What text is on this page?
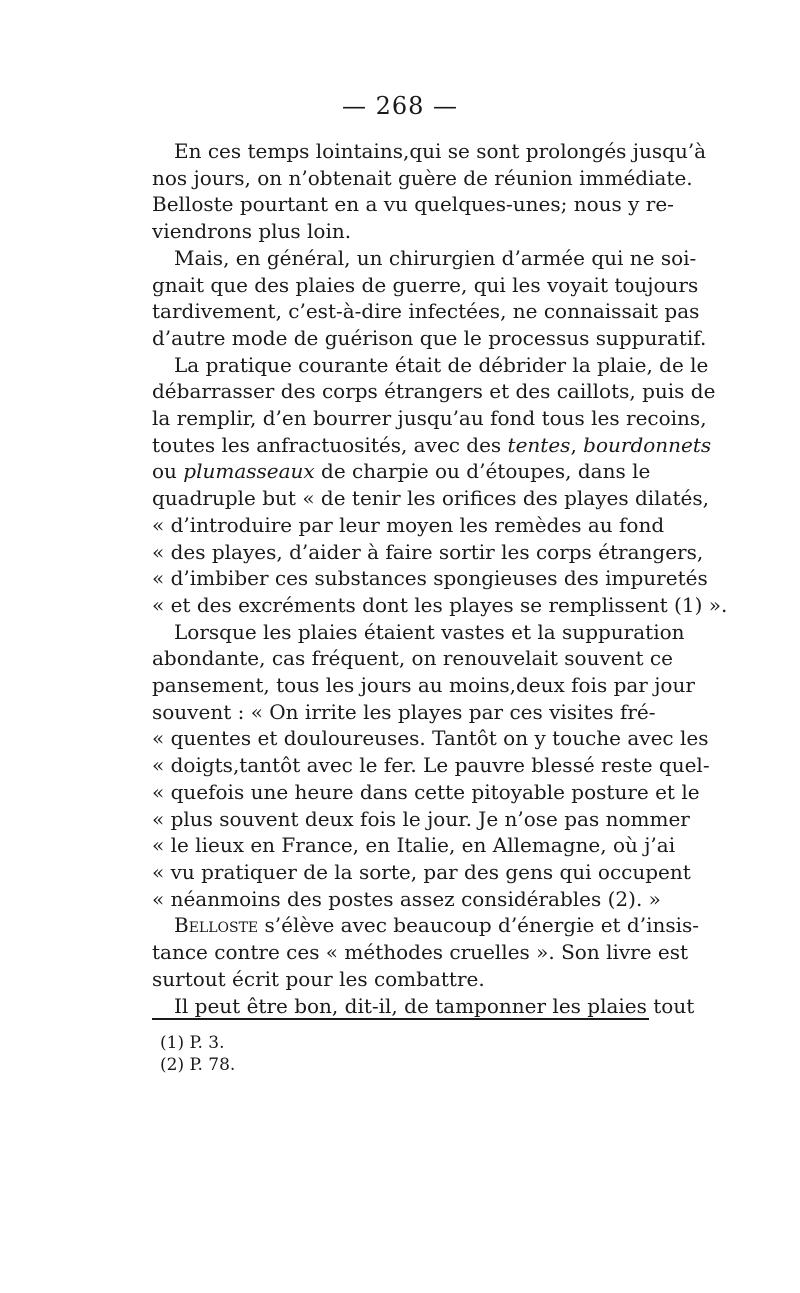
— 268 —
En ces temps lointains,qui se sont prolongés jusqu’à
nos jours, on n’obtenait guère de réunion immédiate.
Belloste pourtant en a vu quelques-unes; nous y re-
viendrons plus loin.
Mais, en général, un chirurgien d’armée qui ne soi-
gnait que des plaies de guerre, qui les voyait toujours
tardivement, c’est-à-dire infectées, ne connaissait pas
d’autre mode de guérison que le processus suppuratif.
La pratique courante était de débrider la plaie, de le
débarrasser des corps étrangers et des caillots, puis de
la remplir, d’en bourrer jusqu’au fond tous les recoins,
toutes les anfractuosités, avec des tentes, bourdonnets
ou plumasseaux de charpie ou d’étoupes, dans le
quadruple but « de tenir les orifices des playes dilatés,
« d’introduire par leur moyen les remèdes au fond
« des playes, d’aider à faire sortir les corps étrangers,
« d’imbiber ces substances spongieuses des impuretés
« et des excréments dont les playes se remplissent (1) ».
Lorsque les plaies étaient vastes et la suppuration
abondante, cas fréquent, on renouvelait souvent ce
pansement, tous les jours au moins,deux fois par jour
souvent : « On irrite les playes par ces visites fré-
« quentes et douloureuses. Tantôt on y touche avec les
« doigts,tantôt avec le fer. Le pauvre blessé reste quel-
« quefois une heure dans cette pitoyable posture et le
« plus souvent deux fois le jour. Je n’ose pas nommer
« le lieux en France, en Italie, en Allemagne, où j’ai
« vu pratiquer de la sorte, par des gens qui occupent
« néanmoins des postes assez considérables (2). »
Belloste s’élève avec beaucoup d’énergie et d’insis-
tance contre ces « méthodes cruelles ». Son livre est
surtout écrit pour les combattre.
Il peut être bon, dit-il, de tamponner les plaies tout
(1) P. 3.
(2) P. 78.
